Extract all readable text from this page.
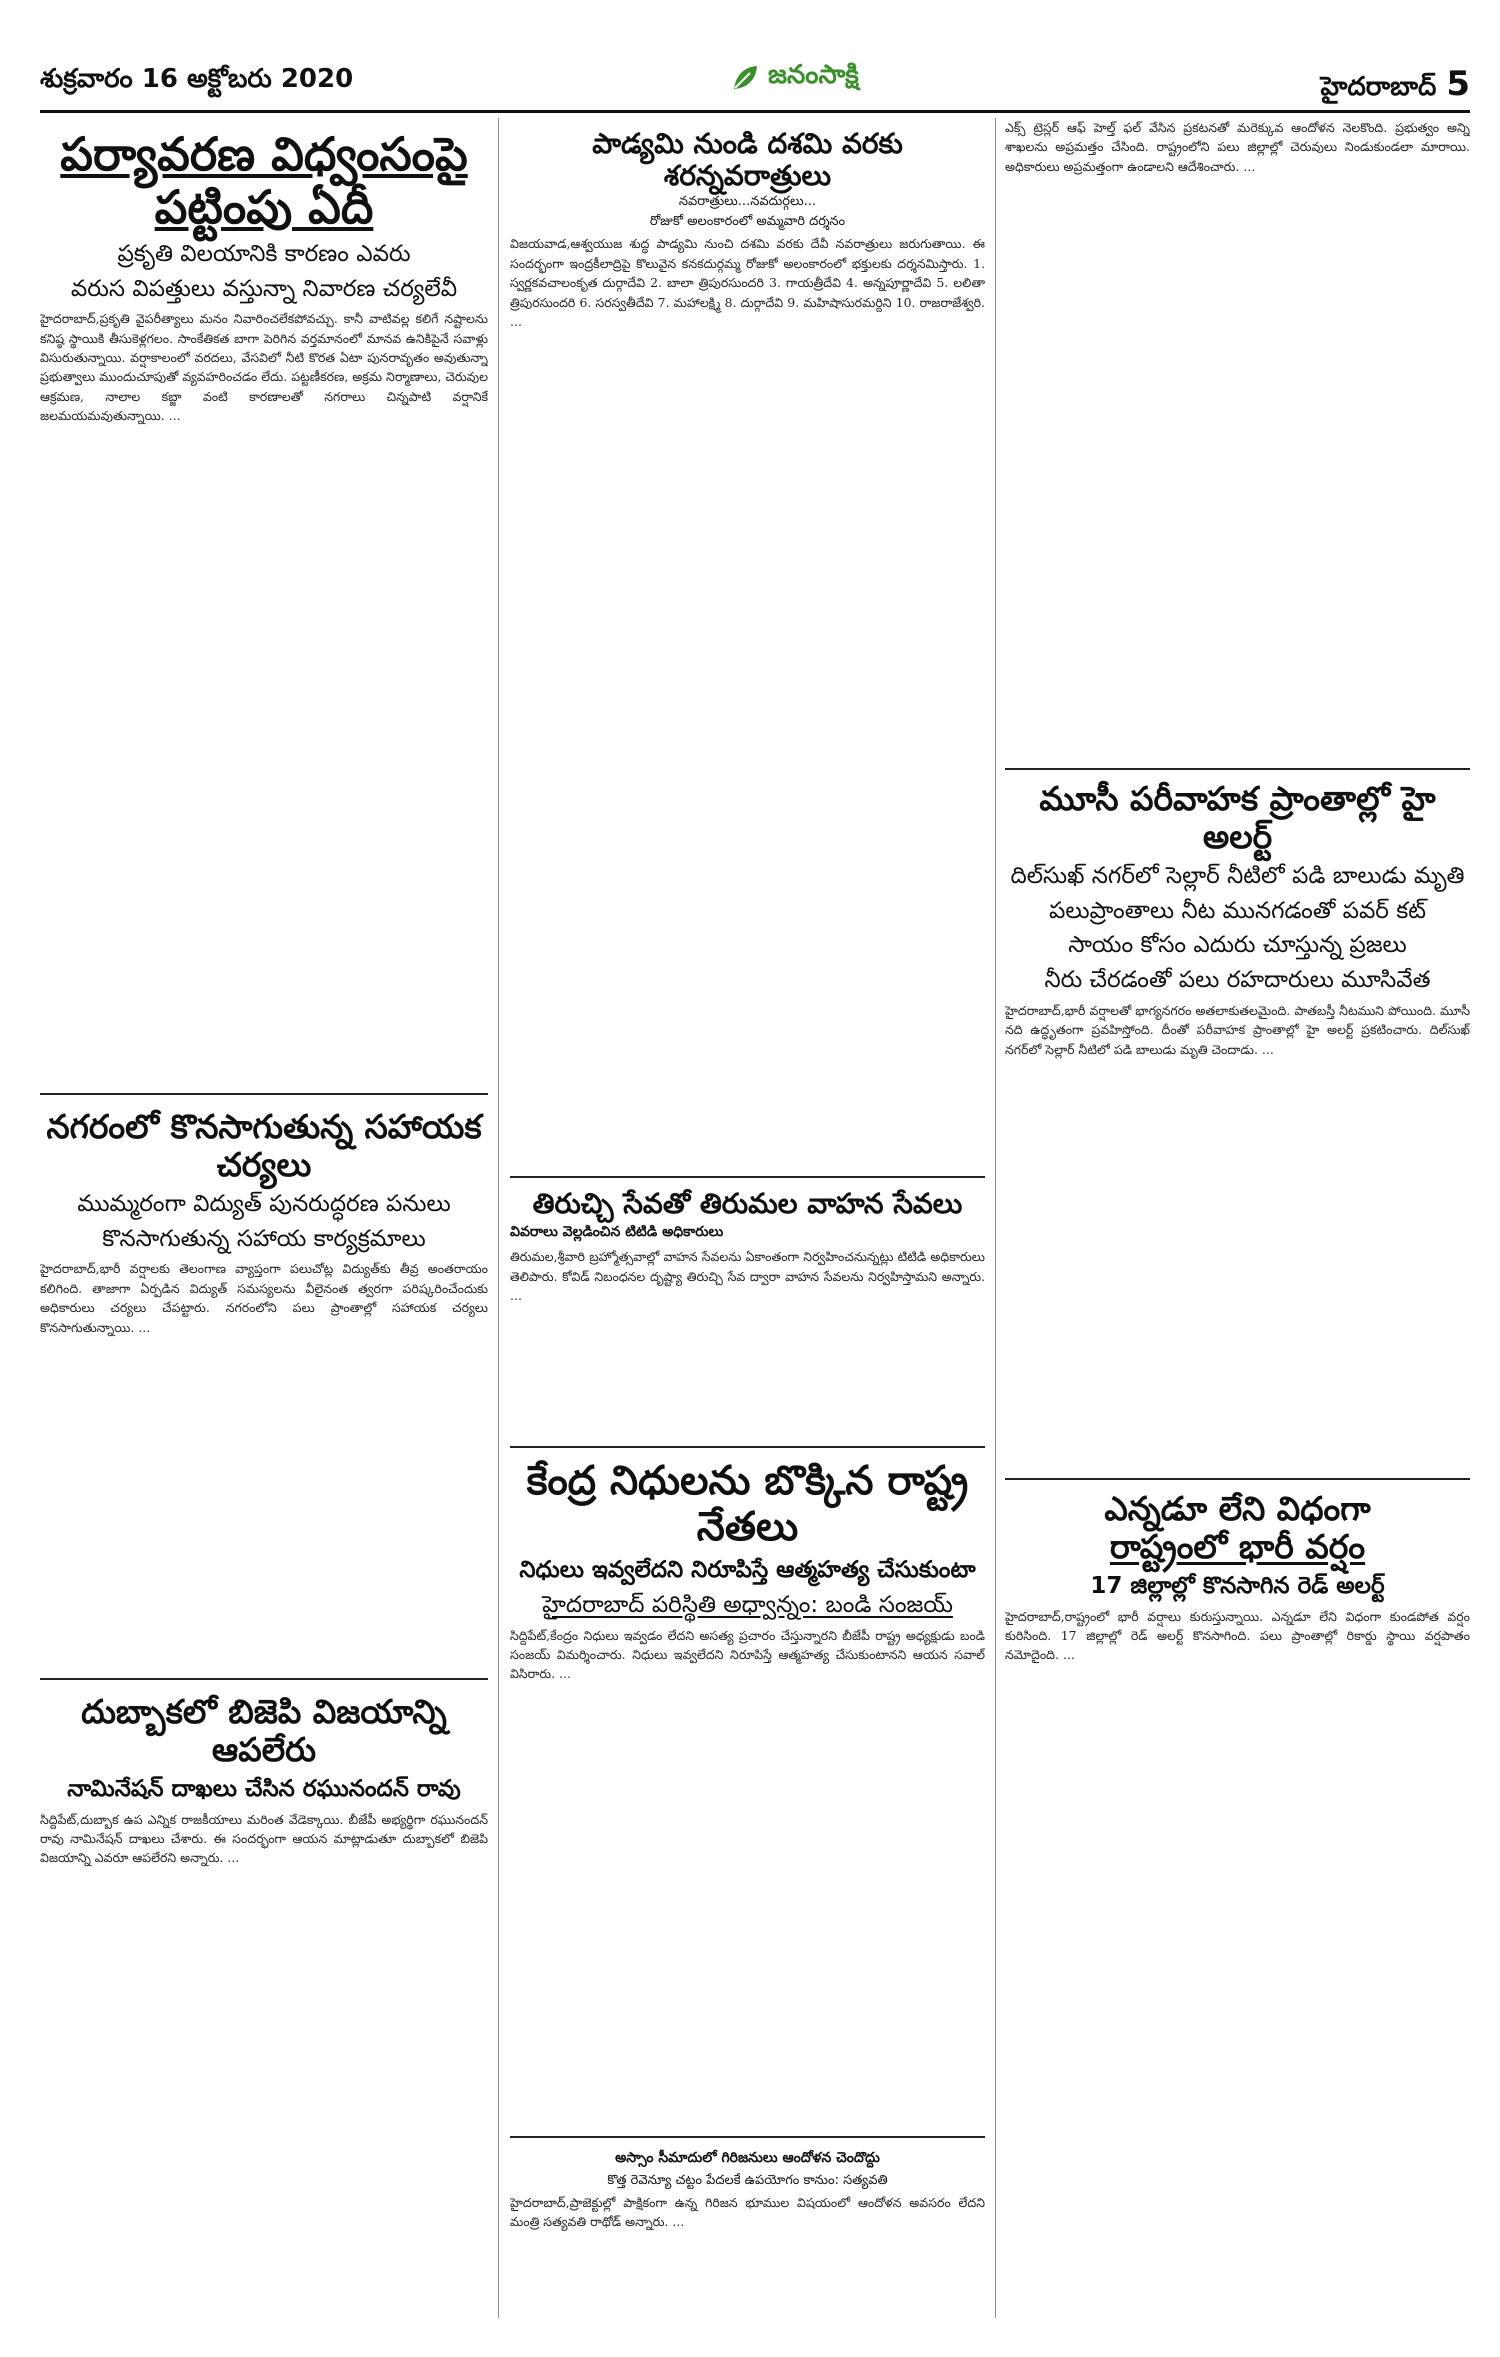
శుక్రవారం 16 అక్టోబరు 2020	జనంసాక్షి	హైదరాబాద్ 5
పర్యావరణ విధ్వంసంపై
పట్టింపు ఏదీ

ప్రకృతి విలయానికి కారణం ఎవరు

వరుస విపత్తులు వస్తున్నా నివారణ చర్యలేవీ

హైదరాబాద్‌,ప్రకృతి వైపరీత్యాలు మనం నివారించలేకపోవచ్చు. కానీ వాటివల్ల కలిగే నష్టాలను కనిష్ఠ స్థాయికి తీసుకెళ్లగలం. సాంకేతికత బాగా పెరిగిన వర్తమానంలో మానవ ఉనికిపైనే సవాళ్లు విసురుతున్నాయి. వర్షాకాలంలో వరదలు, వేసవిలో నీటి కొరత ఏటా పునరావృతం అవుతున్నా ప్రభుత్వాలు ముందుచూపుతో వ్యవహరించడం లేదు. పట్టణీకరణ, అక్రమ నిర్మాణాలు, చెరువుల ఆక్రమణ, నాలాల కబ్జా వంటి కారణాలతో నగరాలు చిన్నపాటి వర్షానికే జలమయమవుతున్నాయి. ...

నగరంలో కొనసాగుతున్న సహాయక చర్యలు

ముమ్మరంగా విద్యుత్‌ పునరుద్ధరణ పనులు

కొనసాగుతున్న సహాయ కార్యక్రమాలు

హైదరాబాద్‌,భారీ వర్షాలకు తెలంగాణ వ్యాప్తంగా పలుచోట్ల విద్యుత్‌కు తీవ్ర అంతరాయం కలిగింది. తాజాగా ఏర్పడిన విద్యుత్‌ సమస్యలను వీలైనంత త్వరగా పరిష్కరించేందుకు అధికారులు చర్యలు చేపట్టారు. నగరంలోని పలు ప్రాంతాల్లో సహాయక చర్యలు కొనసాగుతున్నాయి. ...

దుబ్బాకలో బిజెపి విజయాన్ని ఆపలేరు

నామినేషన్‌ దాఖలు చేసిన రఘునందన్‌ రావు

సిద్దిపేట్‌,దుబ్బాక ఉప ఎన్నిక రాజకీయాలు మరింత వేడెక్కాయి. బీజేపీ అభ్యర్థిగా రఘునందన్‌ రావు నామినేషన్‌ దాఖలు చేశారు. ఈ సందర్భంగా ఆయన మాట్లాడుతూ దుబ్బాకలో బిజెపి విజయాన్ని ఎవరూ ఆపలేరని అన్నారు. ...

పాడ్యమి నుండి దశమి వరకు శరన్నవరాత్రులు

నవరాత్రులు...నవదుర్గలు...

రోజుకో అలంకారంలో అమ్మవారి దర్శనం

విజయవాడ,ఆశ్వయుజ శుద్ధ పాడ్యమి నుంచి దశమి వరకు దేవీ నవరాత్రులు జరుగుతాయి. ఈ సందర్భంగా ఇంద్రకీలాద్రిపై కొలువైన కనకదుర్గమ్మ రోజుకో అలంకారంలో భక్తులకు దర్శనమిస్తారు. 1. స్వర్ణకవచాలంకృత దుర్గాదేవి 2. బాలా త్రిపురసుందరి 3. గాయత్రీదేవి 4. అన్నపూర్ణాదేవి 5. లలితా త్రిపురసుందరి 6. సరస్వతీదేవి 7. మహాలక్ష్మి 8. దుర్గాదేవి 9. మహిషాసురమర్దిని 10. రాజరాజేశ్వరి. ...

తిరుచ్చి సేవతో తిరుమల వాహన సేవలు

వివరాలు వెల్లడించిన టిటిడి అధికారులు

తిరుమల,శ్రీవారి బ్రహ్మోత్సవాల్లో వాహన సేవలను ఏకాంతంగా నిర్వహించనున్నట్లు టిటిడి అధికారులు తెలిపారు. కోవిడ్‌ నిబంధనల దృష్ట్యా తిరుచ్చి సేవ ద్వారా వాహన సేవలను నిర్వహిస్తామని అన్నారు. ...

కేంద్ర నిధులను బొక్కిన రాష్ట్ర నేతలు

నిధులు ఇవ్వలేదని నిరూపిస్తే ఆత్మహత్య చేసుకుంటా

హైదరాబాద్‌ పరిస్థితి అధ్వాన్నం: బండి సంజయ్‌

సిద్దిపేట్‌,కేంద్రం నిధులు ఇవ్వడం లేదని అసత్య ప్రచారం చేస్తున్నారని బీజేపీ రాష్ట్ర అధ్యక్షుడు బండి సంజయ్‌ విమర్శించారు. నిధులు ఇవ్వలేదని నిరూపిస్తే ఆత్మహత్య చేసుకుంటానని ఆయన సవాల్‌ విసిరారు. ...

అస్సాం సీమాదులో గిరిజనులు ఆందోళన చెందొద్దు

కొత్త రెవెన్యూ చట్టం పేదలకే ఉపయోగం కానుం: సత్యవతి

హైదరాబాద్‌,ప్రాజెక్టుల్లో పాక్షికంగా ఉన్న గిరిజన భూముల విషయంలో ఆందోళన అవసరం లేదని మంత్రి సత్యవతి రాథోడ్‌ అన్నారు. ...

ఎక్స్‌ ట్రెస్లర్‌ ఆఫ్‌ హెల్త్‌ ఫల్‌ వేసిన ప్రకటనతో మరెక్కువ ఆందోళన నెలకొంది. ప్రభుత్వం అన్ని శాఖలను అప్రమత్తం చేసింది. రాష్ట్రంలోని పలు జిల్లాల్లో చెరువులు నిండుకుండలా మారాయి. అధికారులు అప్రమత్తంగా ఉండాలని ఆదేశించారు. ...

మూసీ పరీవాహక ప్రాంతాల్లో హై అలర్ట్‌

దిల్‌సుఖ్‌ నగర్‌లో సెల్లార్‌ నీటిలో పడి బాలుడు మృతి

పలుప్రాంతాలు నీట మునగడంతో పవర్‌ కట్‌

సాయం కోసం ఎదురు చూస్తున్న ప్రజలు

నీరు చేరడంతో పలు రహదారులు మూసివేత

హైదరాబాద్‌,భారీ వర్షాలతో భాగ్యనగరం అతలాకుతలమైంది. పాతబస్తీ నీటముని పోయింది. మూసీ నది ఉద్ధృతంగా ప్రవహిస్తోంది. దీంతో పరీవాహక ప్రాంతాల్లో హై అలర్ట్‌ ప్రకటించారు. దిల్‌సుఖ్‌ నగర్‌లో సెల్లార్‌ నీటిలో పడి బాలుడు మృతి చెందాడు. ...

ఎన్నడూ లేని విధంగా
రాష్ట్రంలో భారీ వర్షం

17 జిల్లాల్లో కొనసాగిన రెడ్‌ అలర్ట్‌

హైదరాబాద్‌,రాష్ట్రంలో భారీ వర్షాలు కురుస్తున్నాయి. ఎన్నడూ లేని విధంగా కుండపోత వర్షం కురిసింది. 17 జిల్లాల్లో రెడ్‌ అలర్ట్‌ కొనసాగింది. పలు ప్రాంతాల్లో రికార్డు స్థాయి వర్షపాతం నమోదైంది. ...
